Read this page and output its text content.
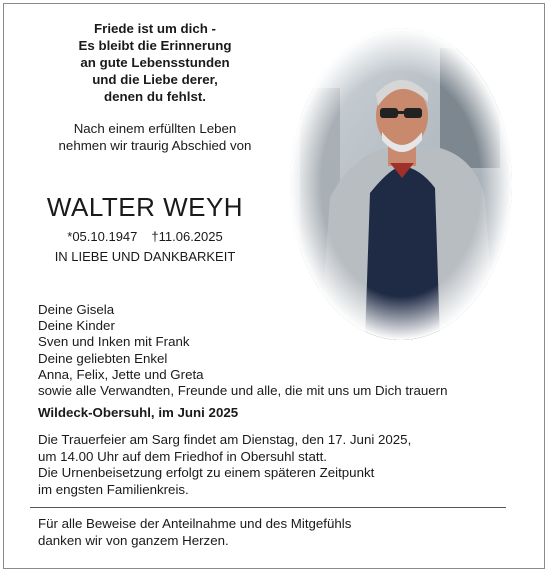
Friede ist um dich -
Es bleibt die Erinnerung
an gute Lebensstunden
und die Liebe derer,
denen du fehlst.
Nach einem erfüllten Leben
nehmen wir traurig Abschied von
WALTER WEYH
*05.10.1947 †11.06.2025
IN LIEBE UND DANKBARKEIT
Deine Gisela
Deine Kinder
Sven und Inken mit Frank
Deine geliebten Enkel
Anna, Felix, Jette und Greta
sowie alle Verwandten, Freunde und alle, die mit uns um Dich trauern
Wildeck-Obersuhl, im Juni 2025
Die Trauerfeier am Sarg findet am Dienstag, den 17. Juni 2025,
um 14.00 Uhr auf dem Friedhof in Obersuhl statt.
Die Urnenbeisetzung erfolgt zu einem späteren Zeitpunkt
im engsten Familienkreis.
Für alle Beweise der Anteilnahme und des Mitgefühls
danken wir von ganzem Herzen.
